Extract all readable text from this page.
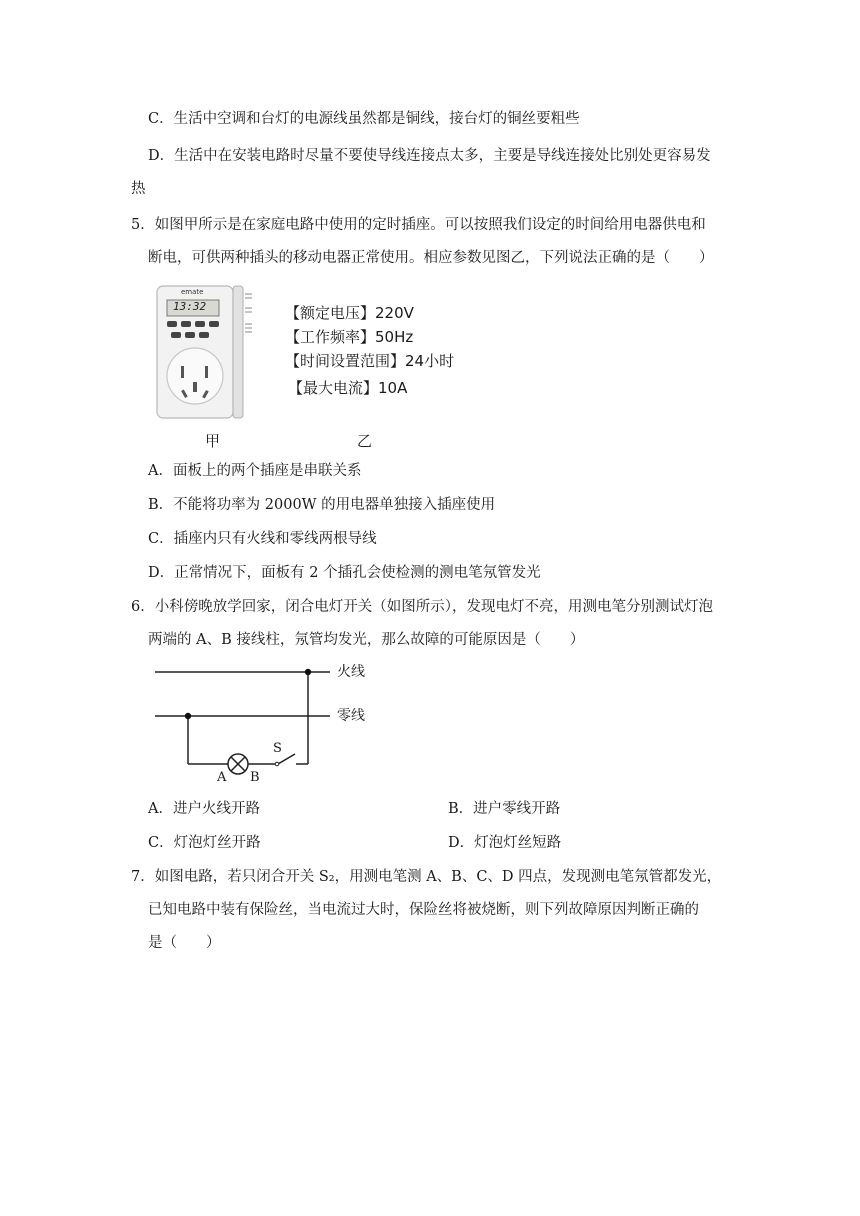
C．生活中空调和台灯的电源线虽然都是铜线，接台灯的铜丝要粗些
D．生活中在安装电路时尽量不要使导线连接点太多，主要是导线连接处比别处更容易发
热
5．如图甲所示是在家庭电路中使用的定时插座。可以按照我们设定的时间给用电器供电和
断电，可供两种插头的移动电器正常使用。相应参数见图乙，下列说法正确的是（　　）
emate
13:32	【额定电压】220V
【工作频率】50Hz
【时间设置范围】24小时
【最大电流】10A
甲	乙
A．面板上的两个插座是串联关系
B．不能将功率为 2000W 的用电器单独接入插座使用
C．插座内只有火线和零线两根导线
D．正常情况下，面板有 2 个插孔会使检测的测电笔氖管发光
6．小科傍晚放学回家，闭合电灯开关（如图所示），发现电灯不亮，用测电笔分别测试灯泡
两端的 A、B 接线柱，氖管均发光，那么故障的可能原因是（　　）
火线
零线
S
A B
A．进户火线开路	B．进户零线开路
C．灯泡灯丝开路	D．灯泡灯丝短路
7．如图电路，若只闭合开关 S₂，用测电笔测 A、B、C、D 四点，发现测电笔氖管都发光，
已知电路中装有保险丝，当电流过大时，保险丝将被烧断，则下列故障原因判断正确的
是（　　）
